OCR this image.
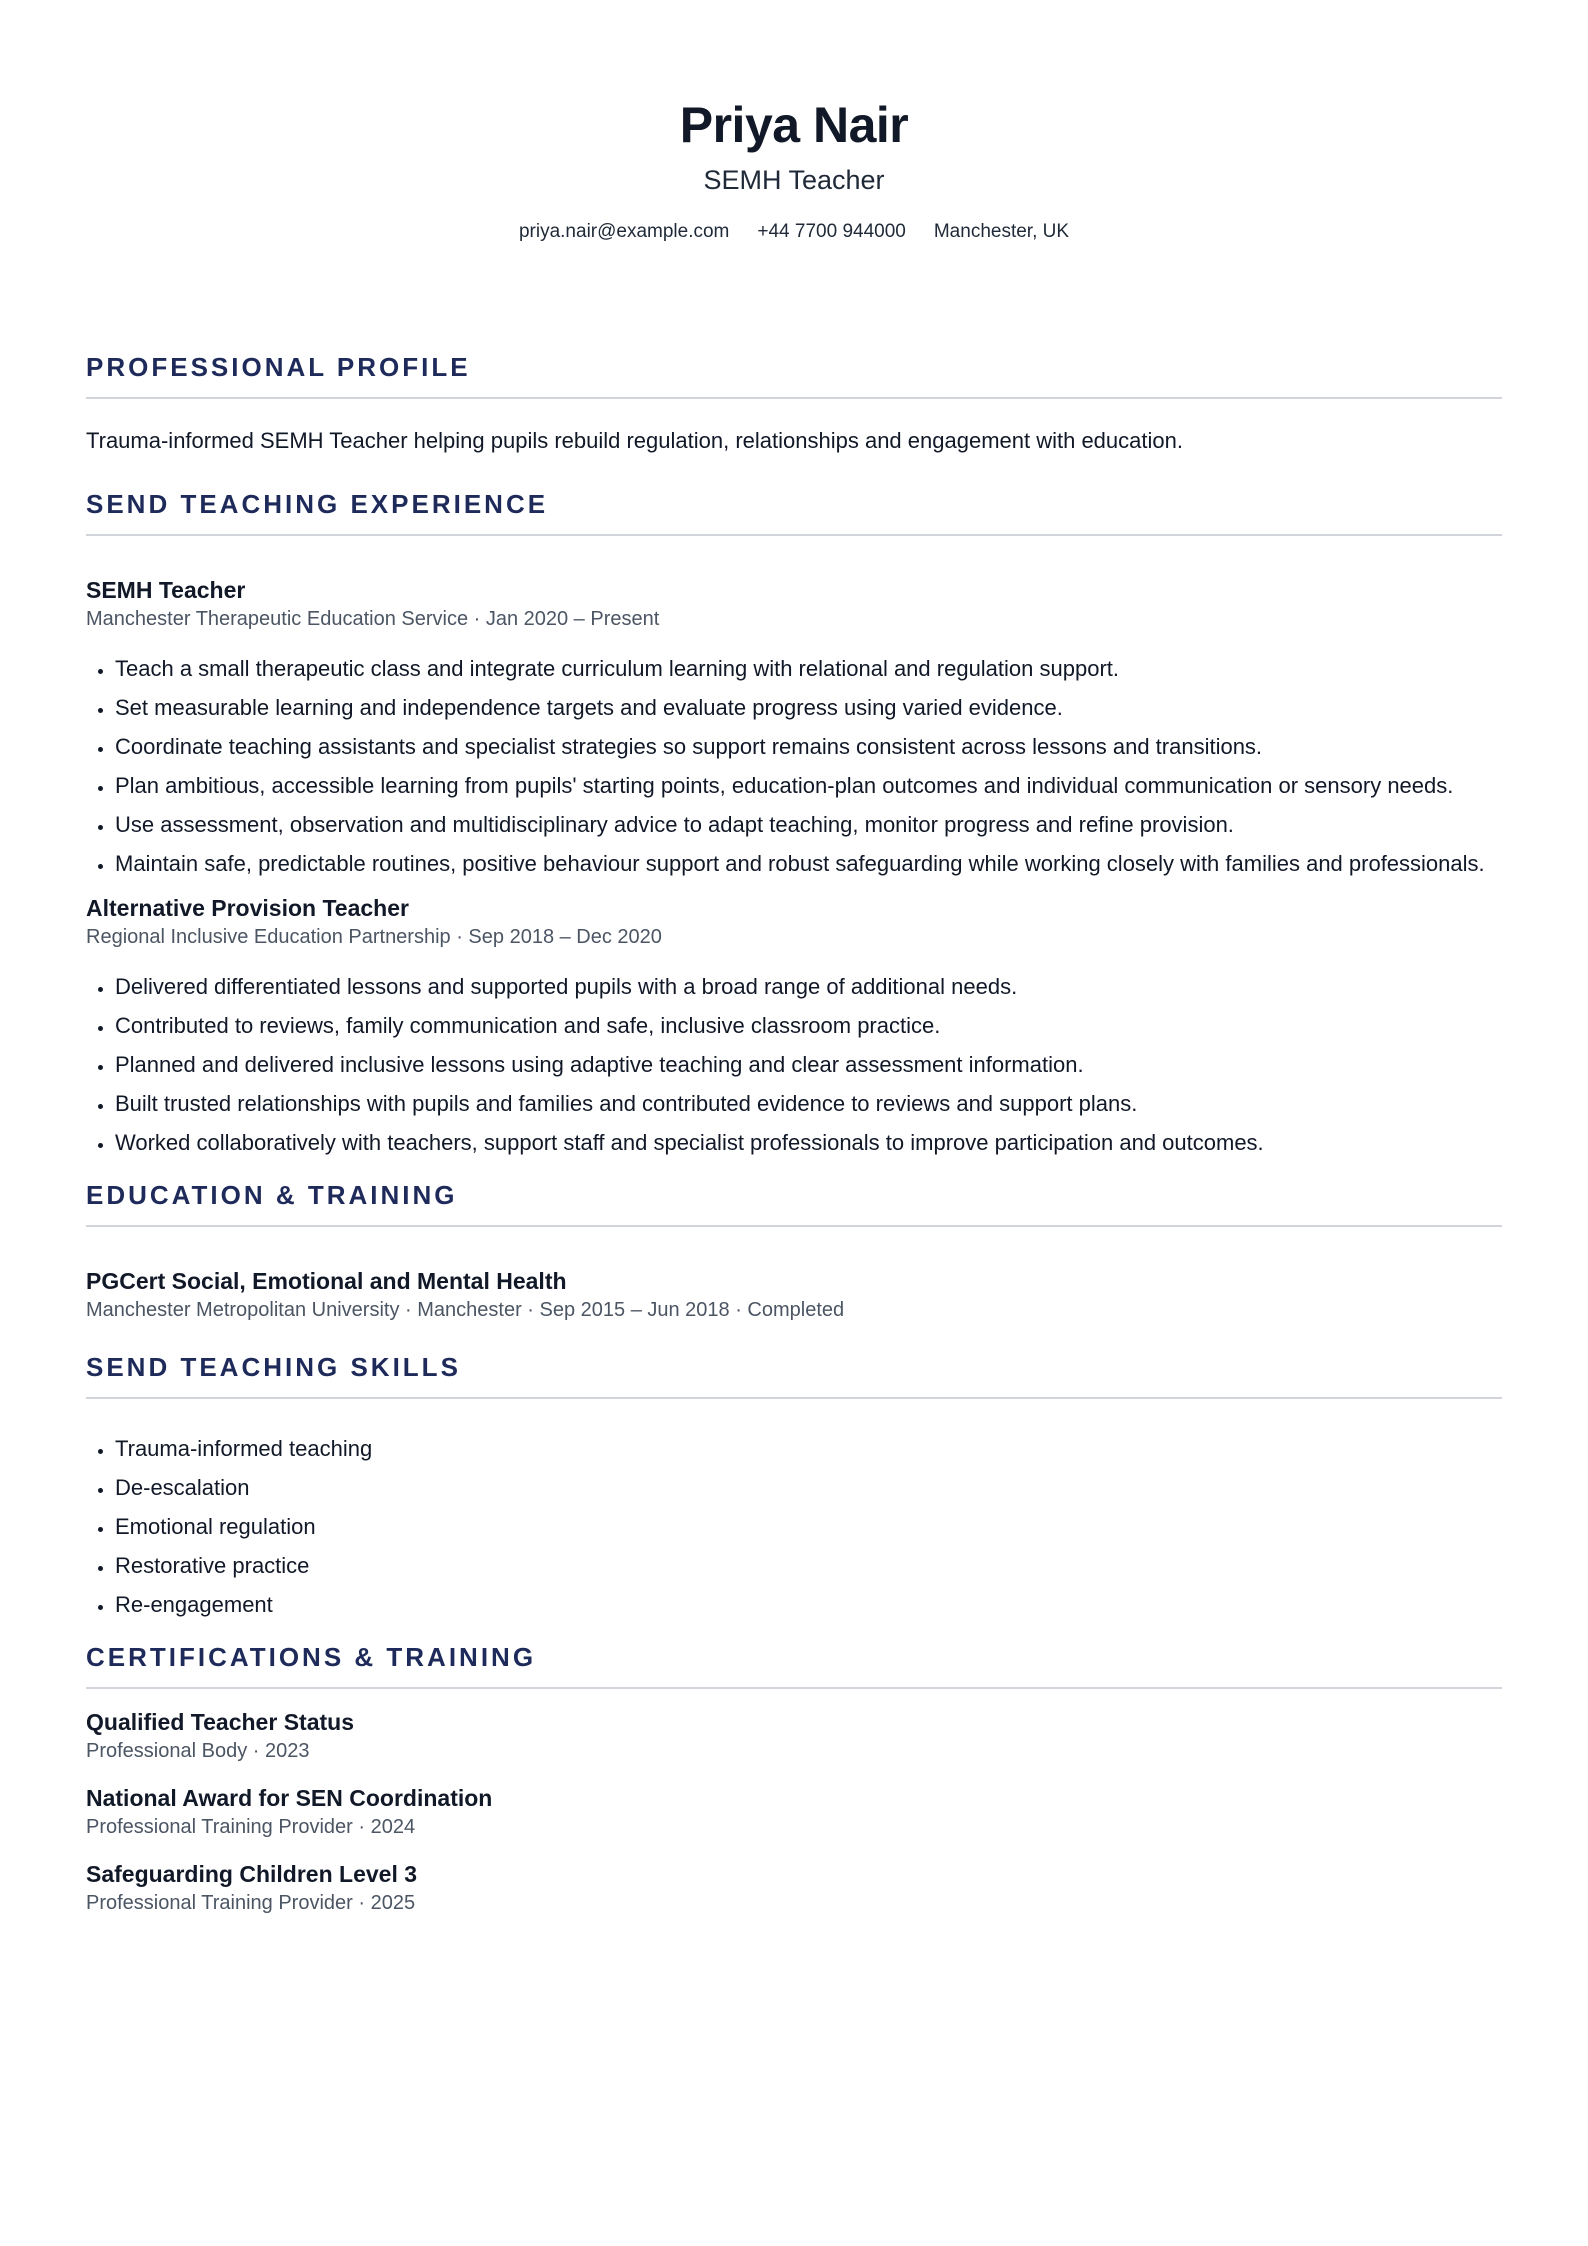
Priya Nair
SEMH Teacher
priya.nair@example.com +44 7700 944000 Manchester, UK
PROFESSIONAL PROFILE

Trauma-informed SEMH Teacher helping pupils rebuild regulation, relationships and engagement with education.

SEND TEACHING EXPERIENCE
SEMH Teacher
Manchester Therapeutic Education Service · Jan 2020 – Present
• Teach a small therapeutic class and integrate curriculum learning with relational and regulation support.
• Set measurable learning and independence targets and evaluate progress using varied evidence.
• Coordinate teaching assistants and specialist strategies so support remains consistent across lessons and transitions.
• Plan ambitious, accessible learning from pupils' starting points, education-plan outcomes and individual communication or sensory needs.
• Use assessment, observation and multidisciplinary advice to adapt teaching, monitor progress and refine provision.
• Maintain safe, predictable routines, positive behaviour support and robust safeguarding while working closely with families and professionals.
Alternative Provision Teacher
Regional Inclusive Education Partnership · Sep 2018 – Dec 2020
• Delivered differentiated lessons and supported pupils with a broad range of additional needs.
• Contributed to reviews, family communication and safe, inclusive classroom practice.
• Planned and delivered inclusive lessons using adaptive teaching and clear assessment information.
• Built trusted relationships with pupils and families and contributed evidence to reviews and support plans.
• Worked collaboratively with teachers, support staff and specialist professionals to improve participation and outcomes.
EDUCATION & TRAINING
PGCert Social, Emotional and Mental Health
Manchester Metropolitan University · Manchester · Sep 2015 – Jun 2018 · Completed
SEND TEACHING SKILLS
• Trauma-informed teaching
• De-escalation
• Emotional regulation
• Restorative practice
• Re-engagement
CERTIFICATIONS & TRAINING
Qualified Teacher Status
Professional Body · 2023
National Award for SEN Coordination
Professional Training Provider · 2024
Safeguarding Children Level 3
Professional Training Provider · 2025
